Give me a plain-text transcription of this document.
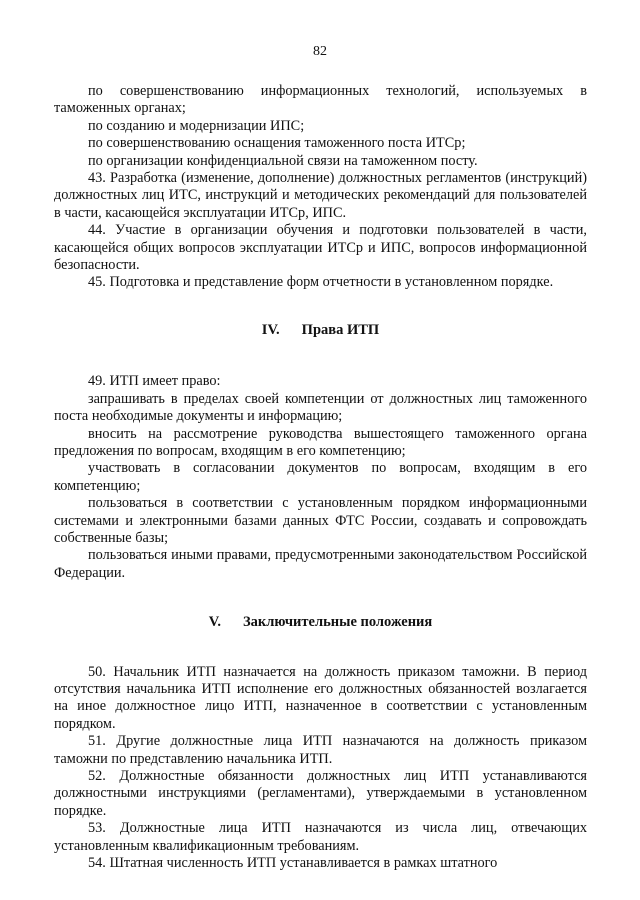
82

по совершенствованию информационных технологий, используемых в таможенных органах;

по созданию и модернизации ИПС;

по совершенствованию оснащения таможенного поста ИТСр;

по организации конфиденциальной связи на таможенном посту.

43. Разработка (изменение, дополнение) должностных регламентов (инструкций) должностных лиц ИТС, инструкций и методических рекомендаций для пользователей в части, касающейся эксплуатации ИТСр, ИПС.

44. Участие в организации обучения и подготовки пользователей в части, касающейся общих вопросов эксплуатации ИТСр и ИПС, вопросов информационной безопасности.

45. Подготовка и представление форм отчетности в установленном порядке.

IV. Права ИТП

49. ИТП имеет право:

запрашивать в пределах своей компетенции от должностных лиц таможенного поста необходимые документы и информацию;

вносить на рассмотрение руководства вышестоящего таможенного органа предложения по вопросам, входящим в его компетенцию;

участвовать в согласовании документов по вопросам, входящим в его компетенцию;

пользоваться в соответствии с установленным порядком информационными системами и электронными базами данных ФТС России, создавать и сопровождать собственные базы;

пользоваться иными правами, предусмотренными законодательством Российской Федерации.

V. Заключительные положения

50. Начальник ИТП назначается на должность приказом таможни. В период отсутствия начальника ИТП исполнение его должностных обязанностей возлагается на иное должностное лицо ИТП, назначенное в соответствии с установленным порядком.

51. Другие должностные лица ИТП назначаются на должность приказом таможни по представлению начальника ИТП.

52. Должностные обязанности должностных лиц ИТП устанавливаются должностными инструкциями (регламентами), утверждаемыми в установленном порядке.

53. Должностные лица ИТП назначаются из числа лиц, отвечающих установленным квалификационным требованиям.

54. Штатная численность ИТП устанавливается в рамках штатного
